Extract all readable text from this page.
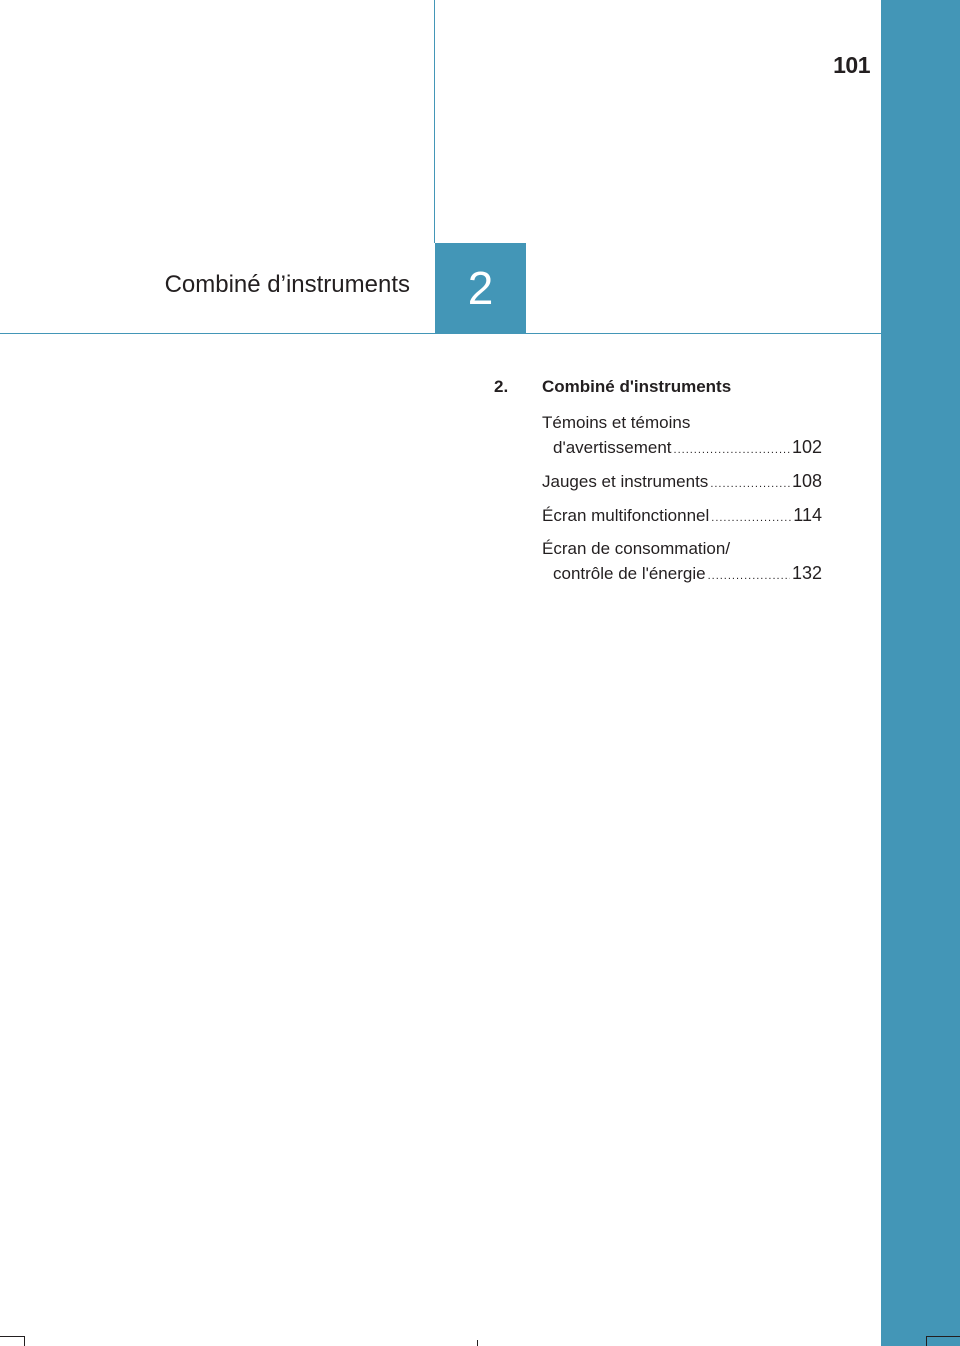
101
Combiné d’instruments	2
2. Combiné d'instruments
Témoins et témoins
d'avertissement .....	102
Jauges et instruments .....	108
Écran multifonctionnel .....	114
Écran de consommation/
contrôle de l'énergie .....	132
